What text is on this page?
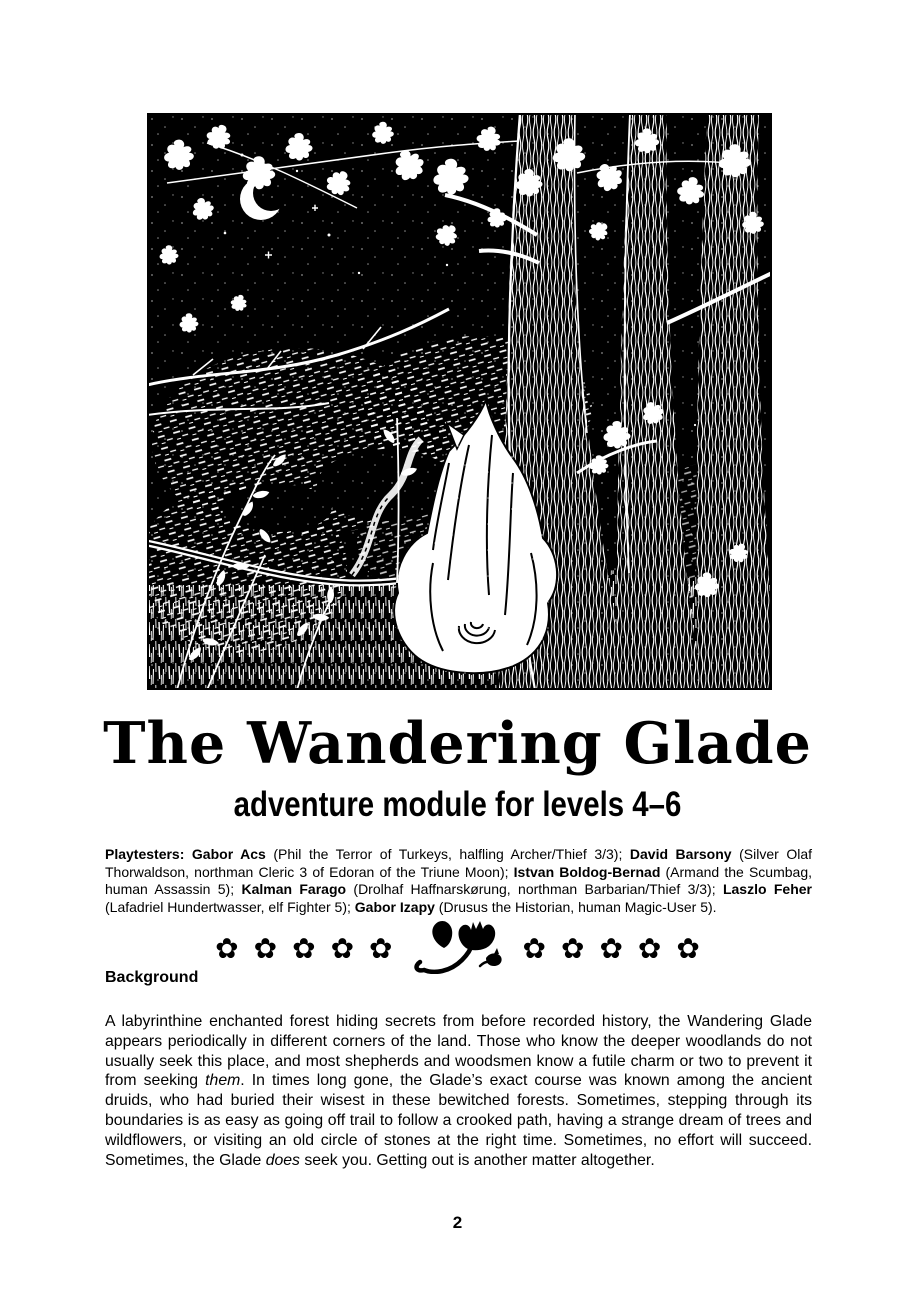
The Wandering Glade
adventure module for levels 4–6

Playtesters: Gabor Acs (Phil the Terror of Turkeys, halfling Archer/Thief 3/3); David Barsony (Silver Olaf Thorwaldson, northman Cleric 3 of Edoran of the Triune Moon); Istvan Boldog-Bernad (Armand the Scumbag, human Assassin 5); Kalman Farago (Drolhaf Haffnarskørung, northman Barbarian/Thief 3/3); Laszlo Feher (Lafadriel Hundertwasser, elf Fighter 5); Gabor Izapy (Drusus the Historian, human Magic-User 5).

✿ ✿ ✿ ✿ ✿	✿ ✿ ✿ ✿ ✿
Background

A labyrinthine enchanted forest hiding secrets from before recorded history, the Wandering Glade appears periodically in different corners of the land. Those who know the deeper woodlands do not usually seek this place, and most shepherds and woodsmen know a futile charm or two to prevent it from seeking them. In times long gone, the Glade’s exact course was known among the ancient druids, who had buried their wisest in these bewitched forests. Sometimes, stepping through its boundaries is as easy as going off trail to follow a crooked path, having a strange dream of trees and wildflowers, or visiting an old circle of stones at the right time. Sometimes, no effort will succeed. Sometimes, the Glade does seek you. Getting out is another matter altogether.

2
